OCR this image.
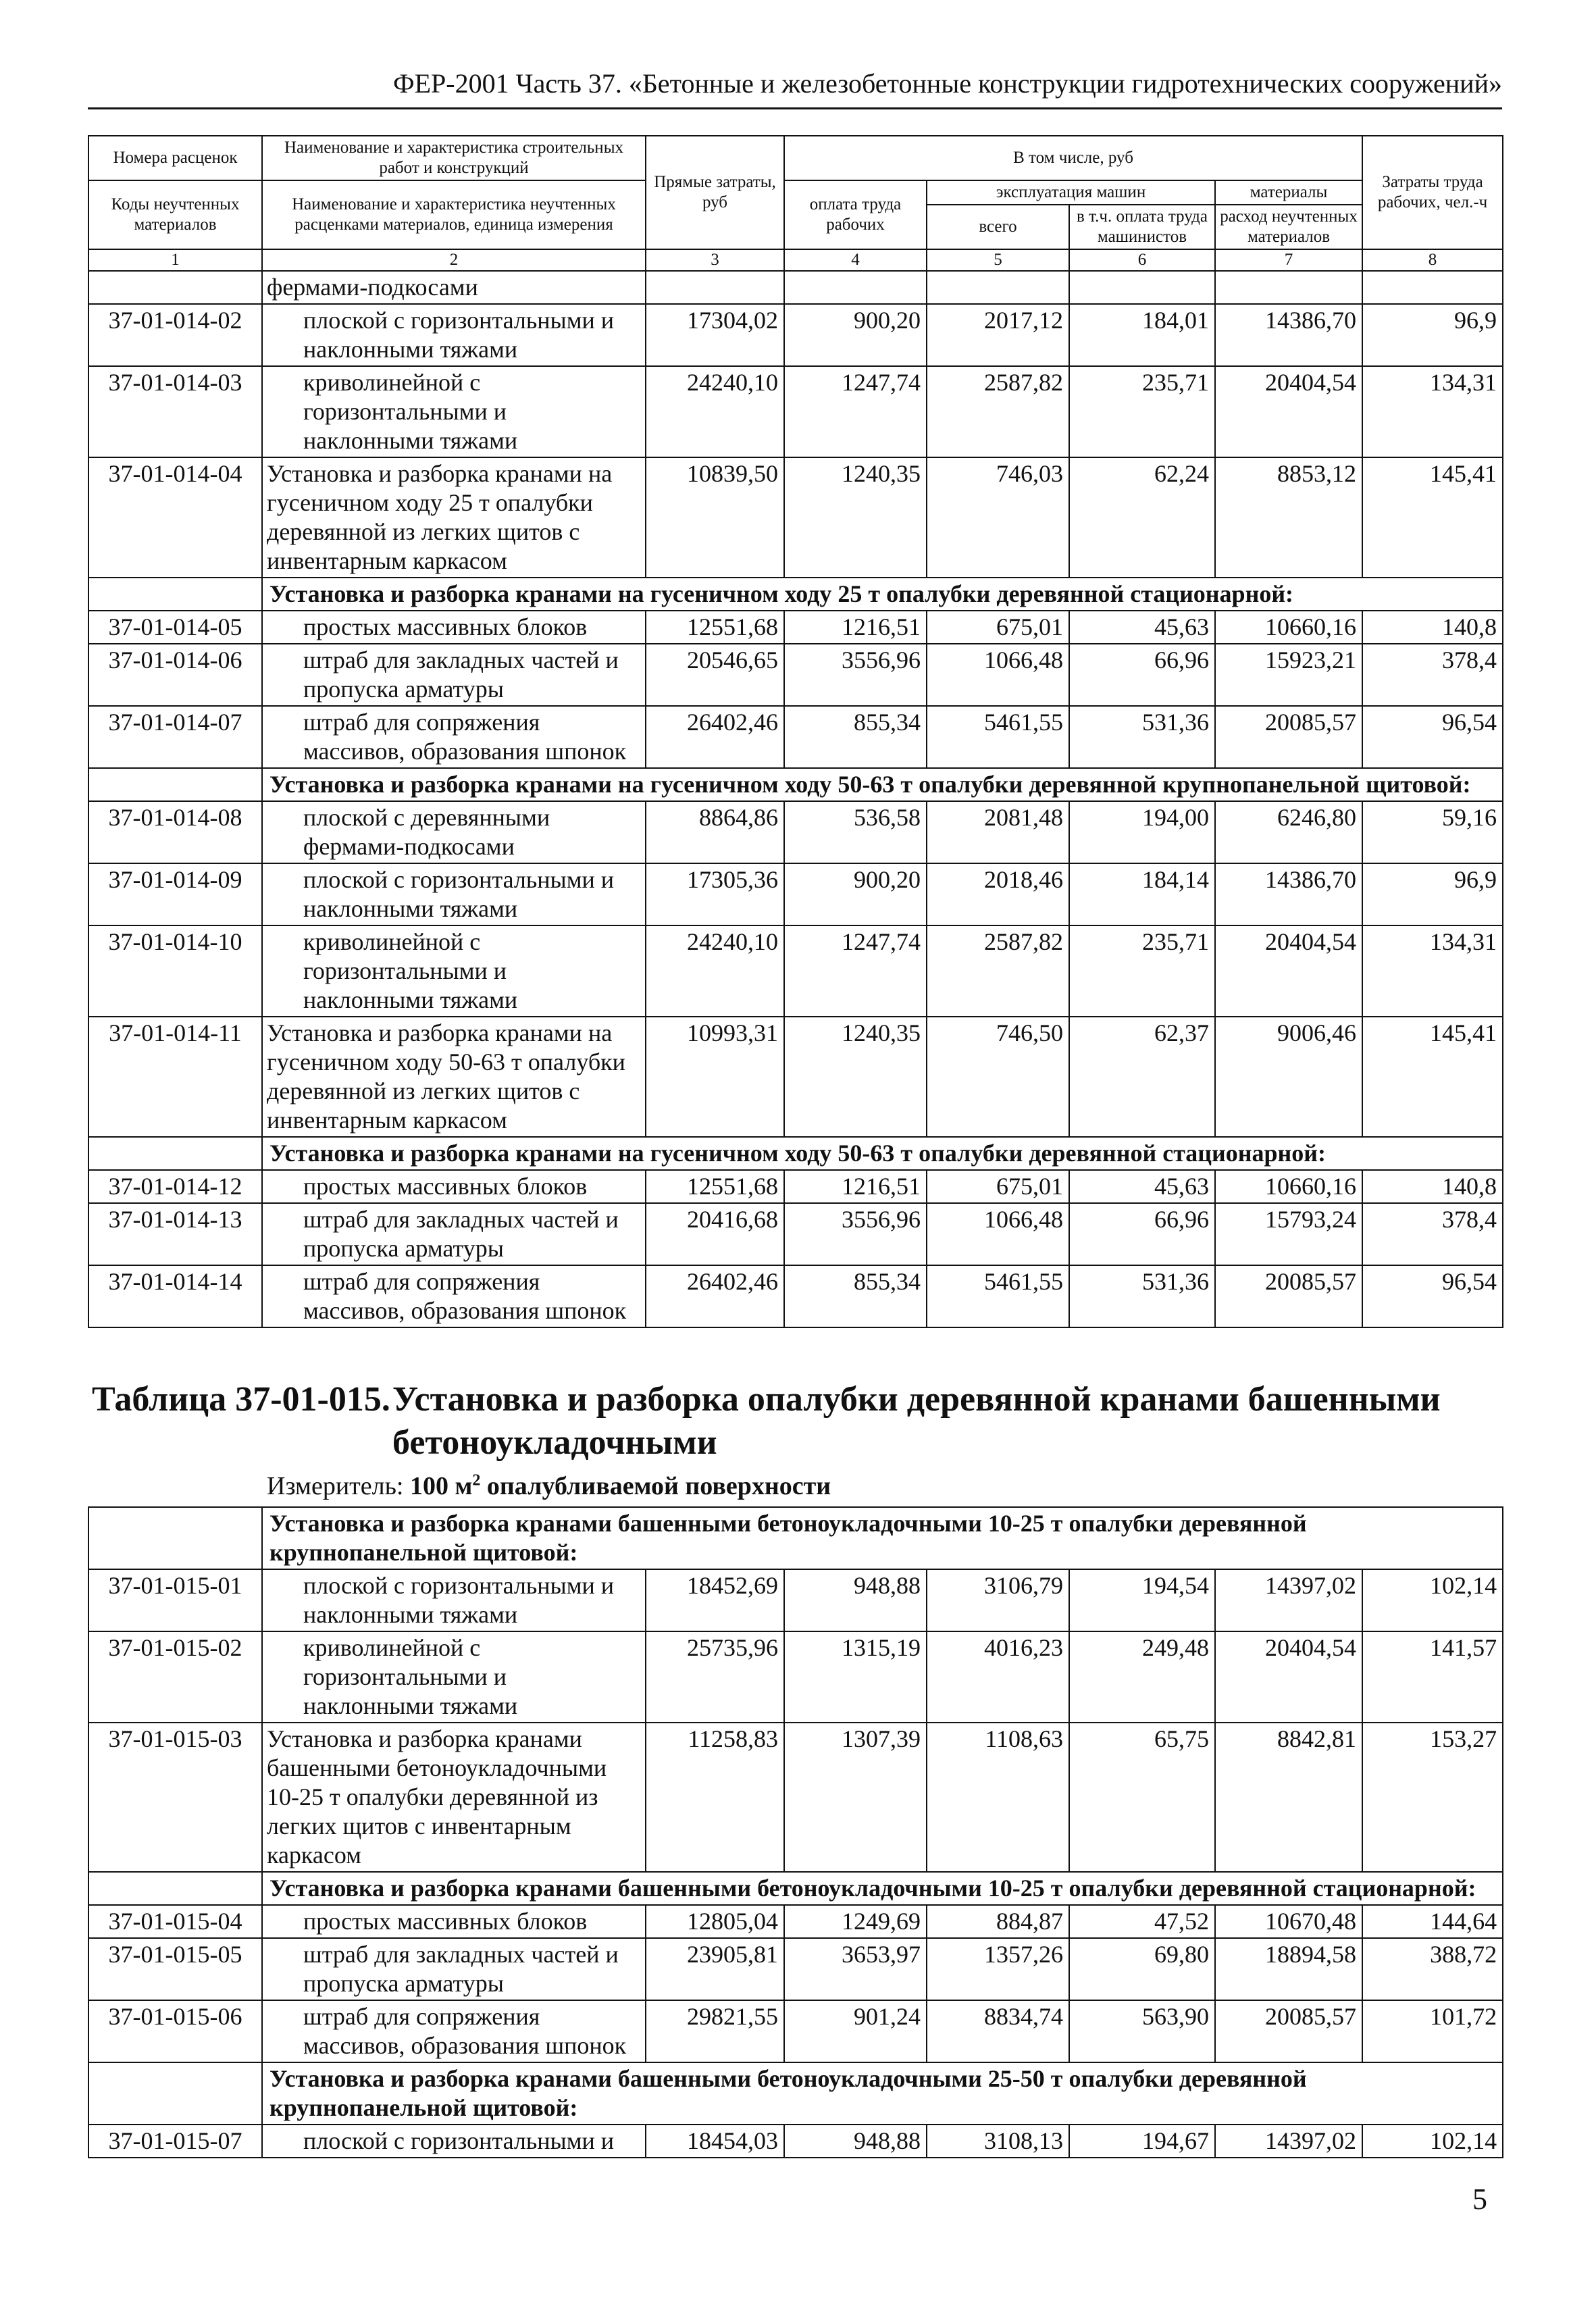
ФЕР-2001 Часть 37. «Бетонные и железобетонные конструкции гидротехнических сооружений»
Номера расценок	Наименование и характеристика строительных работ и конструкций	Прямые затраты, руб	В том числе, руб				Затраты труда рабочих, чел.-ч
Коды неучтенных материалов	Наименование и характеристика неучтенных расценками материалов, единица измерения		оплата труда рабочих	эксплуатация машин		материалы	
				всего	в т.ч. оплата труда машинистов	расход неучтенных материалов	

1	2	3	4	5	6	7	8
	фермами-подкосами						
37-01-014-02	плоской с горизонтальными и наклонными тяжами	17304,02	900,20	2017,12	184,01	14386,70	96,9
37-01-014-03	криволинейной с горизонтальными и наклонными тяжами	24240,10	1247,74	2587,82	235,71	20404,54	134,31
37-01-014-04	Установка и разборка кранами на гусеничном ходу 25 т опалубки деревянной из легких щитов с инвентарным каркасом	10839,50	1240,35	746,03	62,24	8853,12	145,41
	Установка и разборка кранами на гусеничном ходу 25 т опалубки деревянной стационарной:						
37-01-014-05	простых массивных блоков	12551,68	1216,51	675,01	45,63	10660,16	140,8
37-01-014-06	штраб для закладных частей и пропуска арматуры	20546,65	3556,96	1066,48	66,96	15923,21	378,4
37-01-014-07	штраб для сопряжения массивов, образования шпонок	26402,46	855,34	5461,55	531,36	20085,57	96,54
	Установка и разборка кранами на гусеничном ходу 50-63 т опалубки деревянной крупнопанельной щитовой:						
37-01-014-08	плоской с деревянными фермами-подкосами	8864,86	536,58	2081,48	194,00	6246,80	59,16
37-01-014-09	плоской с горизонтальными и наклонными тяжами	17305,36	900,20	2018,46	184,14	14386,70	96,9
37-01-014-10	криволинейной с горизонтальными и наклонными тяжами	24240,10	1247,74	2587,82	235,71	20404,54	134,31
37-01-014-11	Установка и разборка кранами на гусеничном ходу 50-63 т опалубки деревянной из легких щитов с инвентарным каркасом	10993,31	1240,35	746,50	62,37	9006,46	145,41
	Установка и разборка кранами на гусеничном ходу 50-63 т опалубки деревянной стационарной:						
37-01-014-12	простых массивных блоков	12551,68	1216,51	675,01	45,63	10660,16	140,8
37-01-014-13	штраб для закладных частей и пропуска арматуры	20416,68	3556,96	1066,48	66,96	15793,24	378,4
37-01-014-14	штраб для сопряжения массивов, образования шпонок	26402,46	855,34	5461,55	531,36	20085,57	96,54
Таблица 37-01-015. Установка и разборка опалубки деревянной кранами башенными бетоноукладочными
Измеритель: 100 $м^2$ опалубливаемой поверхности
	Установка и разборка кранами башенными бетоноукладочными 10-25 т опалубки деревянной крупнопанельной щитовой:						
37-01-015-01	плоской с горизонтальными и наклонными тяжами	18452,69	948,88	3106,79	194,54	14397,02	102,14
37-01-015-02	криволинейной с горизонтальными и наклонными тяжами	25735,96	1315,19	4016,23	249,48	20404,54	141,57
37-01-015-03	Установка и разборка кранами башенными бетоноукладочными 10-25 т опалубки деревянной из легких щитов с инвентарным каркасом	11258,83	1307,39	1108,63	65,75	8842,81	153,27
	Установка и разборка кранами башенными бетоноукладочными 10-25 т опалубки деревянной стационарной:						
37-01-015-04	простых массивных блоков	12805,04	1249,69	884,87	47,52	10670,48	144,64
37-01-015-05	штраб для закладных частей и пропуска арматуры	23905,81	3653,97	1357,26	69,80	18894,58	388,72
37-01-015-06	штраб для сопряжения массивов, образования шпонок	29821,55	901,24	8834,74	563,90	20085,57	101,72
	Установка и разборка кранами башенными бетоноукладочными 25-50 т опалубки деревянной крупнопанельной щитовой:						
37-01-015-07	плоской с горизонтальными и	18454,03	948,88	3108,13	194,67	14397,02	102,14
5
